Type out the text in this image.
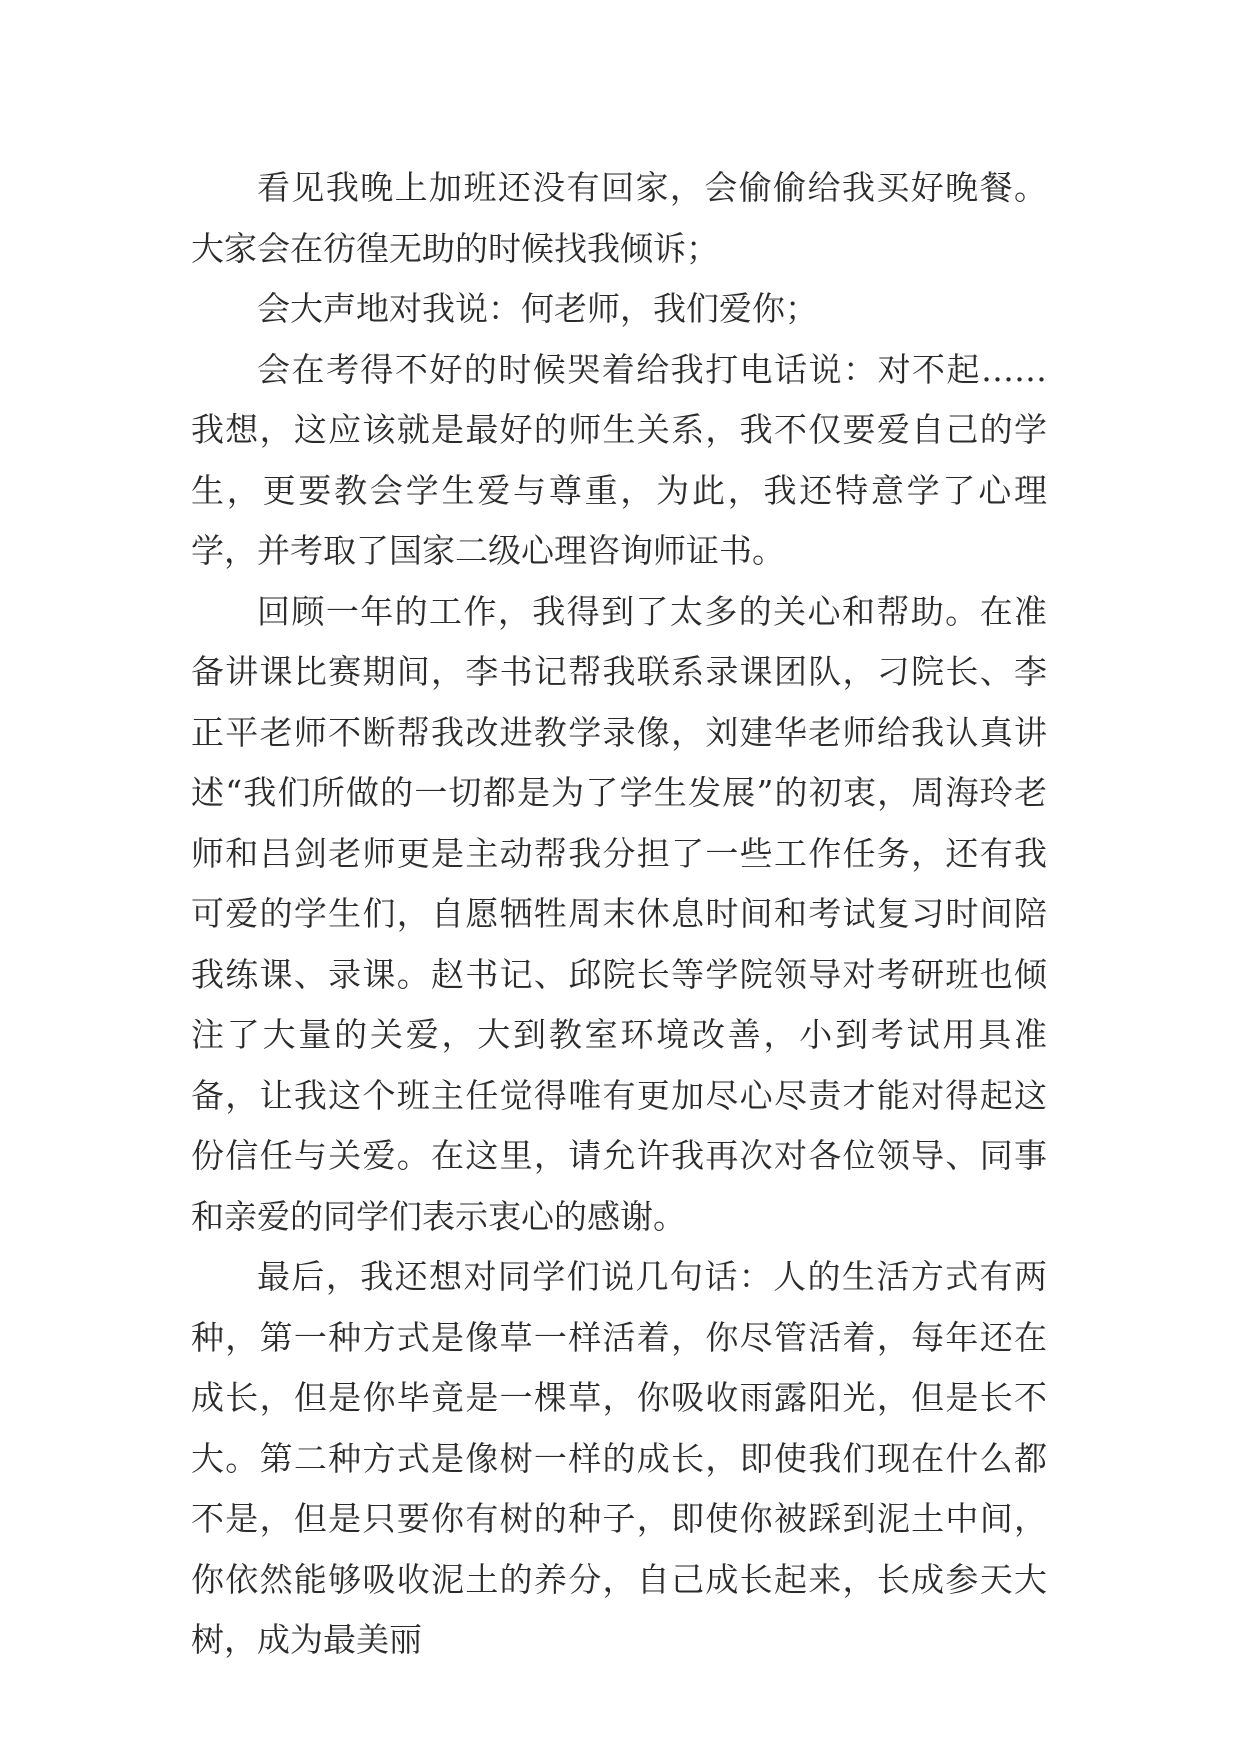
看见我晚上加班还没有回家，会偷偷给我买好晚餐。大家会在彷徨无助的时候找我倾诉；

会大声地对我说：何老师，我们爱你；

会在考得不好的时候哭着给我打电话说：对不起……我想，这应该就是最好的师生关系，我不仅要爱自己的学生，更要教会学生爱与尊重，为此，我还特意学了心理学，并考取了国家二级心理咨询师证书。

回顾一年的工作，我得到了太多的关心和帮助。在准备讲课比赛期间，李书记帮我联系录课团队，刁院长、李正平老师不断帮我改进教学录像，刘建华老师给我认真讲述“我们所做的一切都是为了学生发展”的初衷，周海玲老师和吕剑老师更是主动帮我分担了一些工作任务，还有我可爱的学生们，自愿牺牲周末休息时间和考试复习时间陪我练课、录课。赵书记、邱院长等学院领导对考研班也倾注了大量的关爱，大到教室环境改善，小到考试用具准备，让我这个班主任觉得唯有更加尽心尽责才能对得起这份信任与关爱。在这里，请允许我再次对各位领导、同事和亲爱的同学们表示衷心的感谢。

最后，我还想对同学们说几句话：人的生活方式有两种，第一种方式是像草一样活着，你尽管活着，每年还在成长，但是你毕竟是一棵草，你吸收雨露阳光，但是长不大。第二种方式是像树一样的成长，即使我们现在什么都不是，但是只要你有树的种子，即使你被踩到泥土中间，你依然能够吸收泥土的养分，自己成长起来，长成参天大树，成为最美丽
